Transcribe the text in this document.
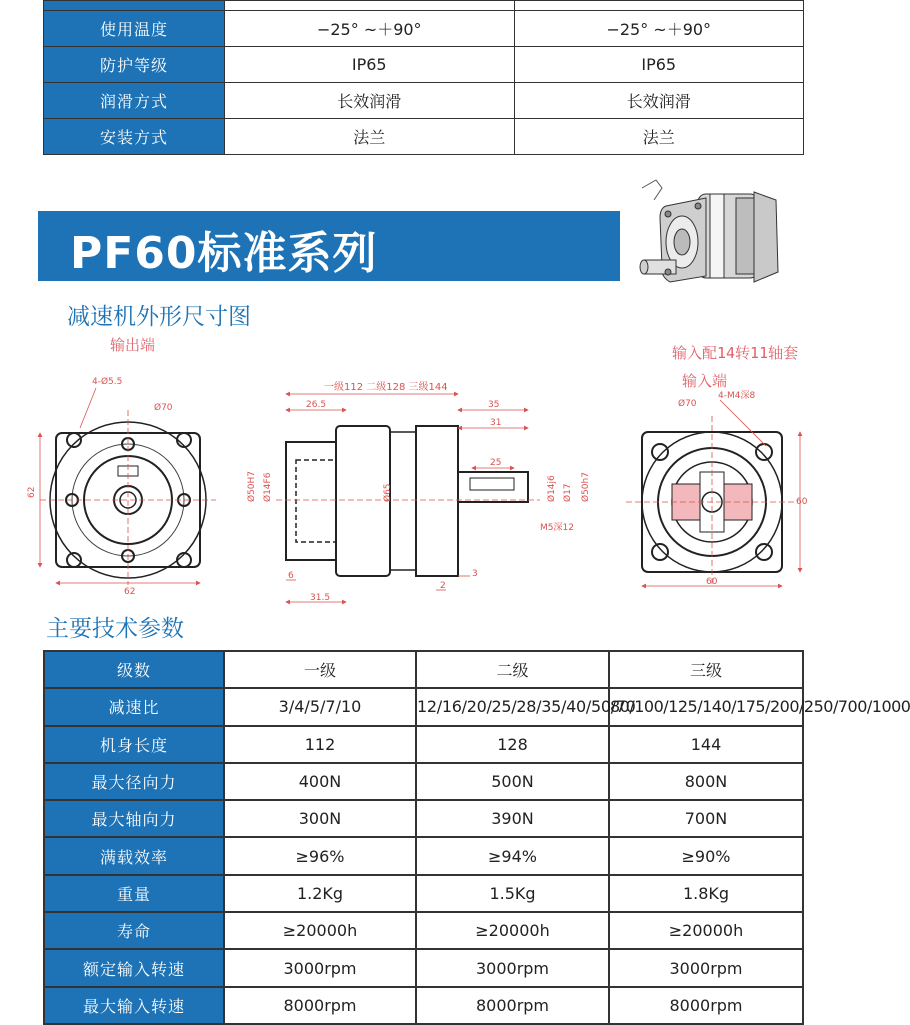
使用温度	−25° ~＋90°	−25° ~＋90°
防护等级	IP65	IP65
润滑方式	长效润滑	长效润滑
安装方式	法兰	法兰
PF60标准系列
减速机外形尺寸图
输出端	输入配14转11轴套
输入端
62
62
4-Ø5.5
Ø70
一级112 二级128 三级144
26.5	35
31
25
Ø50H7 Ø14F6	Ø65	Ø14j6 Ø17 Ø50h7
M5深12
6
31.5
2
3
60
60
Ø70
4-M4深8
主要技术参数
级数	一级	二级	三级
减速比	3/4/5/7/10	12/16/20/25/28/35/40/50/70	80/100/125/140/175/200/250/700/1000
机身长度	112	128	144
最大径向力	400N	500N	800N
最大轴向力	300N	390N	700N
满载效率	≥96%	≥94%	≥90%
重量	1.2Kg	1.5Kg	1.8Kg
寿命	≥20000h	≥20000h	≥20000h
额定输入转速	3000rpm	3000rpm	3000rpm
最大输入转速	8000rpm	8000rpm	8000rpm
